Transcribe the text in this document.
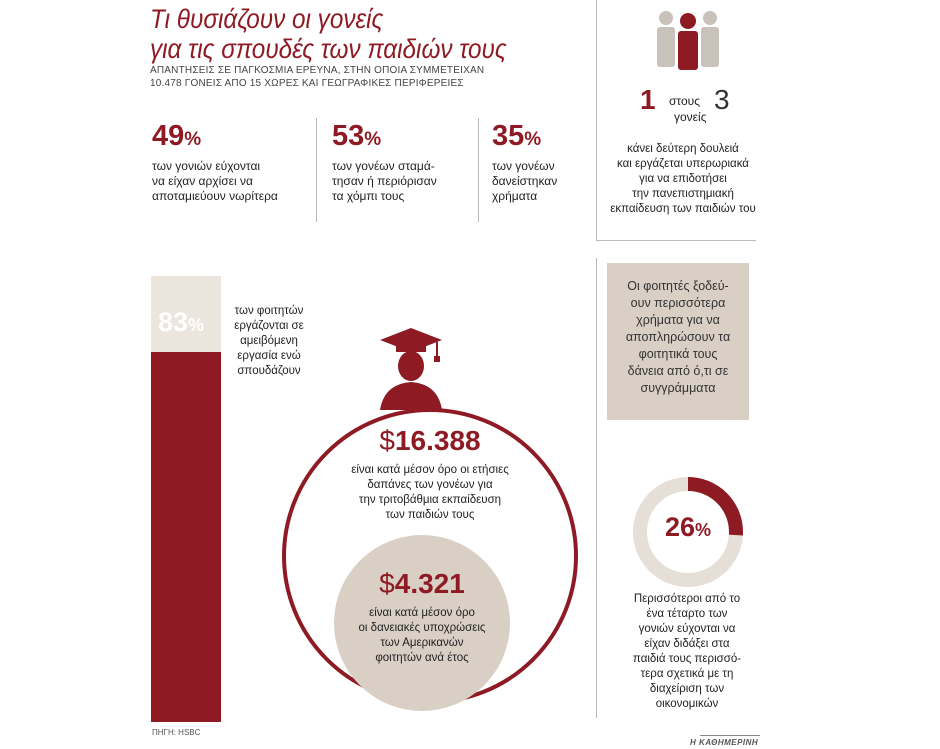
Τι θυσιάζουν οι γονείς
για τις σπουδές των παιδιών τους
ΑΠΑΝΤΗΣΕΙΣ ΣΕ ΠΑΓΚΟΣΜΙΑ ΕΡΕΥΝΑ, ΣΤΗΝ ΟΠΟΙΑ ΣΥΜΜΕΤΕΙΧΑΝ
10.478 ΓΟΝΕΙΣ ΑΠΟ 15 ΧΩΡΕΣ ΚΑΙ ΓΕΩΓΡΑΦΙΚΕΣ ΠΕΡΙΦΕΡΕΙΕΣ
49%
των γονιών εύχονται
να είχαν αρχίσει να
αποταμιεύουν νωρίτερα
53%
των γονέων σταμά-
τησαν ή περιόρισαν
τα χόμπι τους
35%
των γονέων
δανείστηκαν
χρήματα
1 στους 3
γονείς
κάνει δεύτερη δουλειά
και εργάζεται υπερωριακά
για να επιδοτήσει
την πανεπιστημιακή
εκπαίδευση των παιδιών του
83%
των φοιτητών
εργάζονται σε
αμειβόμενη
εργασία ενώ
σπουδάζουν
$16.388
είναι κατά μέσον όρο οι ετήσιες
δαπάνες των γονέων για
την τριτοβάθμια εκπαίδευση
των παιδιών τους
$4.321
είναι κατά μέσον όρο
οι δανειακές υποχρώσεις
των Αμερικανών
φοιτητών ανά έτος
Οι φοιτητές ξοδεύ-
ουν περισσότερα
χρήματα για να
αποπληρώσουν τα
φοιτητικά τους
δάνεια από ό,τι σε
συγγράμματα
26%
Περισσότεροι από το
ένα τέταρτο των
γονιών εύχονται να
είχαν διδάξει στα
παιδιά τους περισσό-
τερα σχετικά με τη
διαχείριση των
οικονομικών
ΠΗΓΗ: HSBC
Η ΚΑΘΗΜΕΡΙΝΗ
